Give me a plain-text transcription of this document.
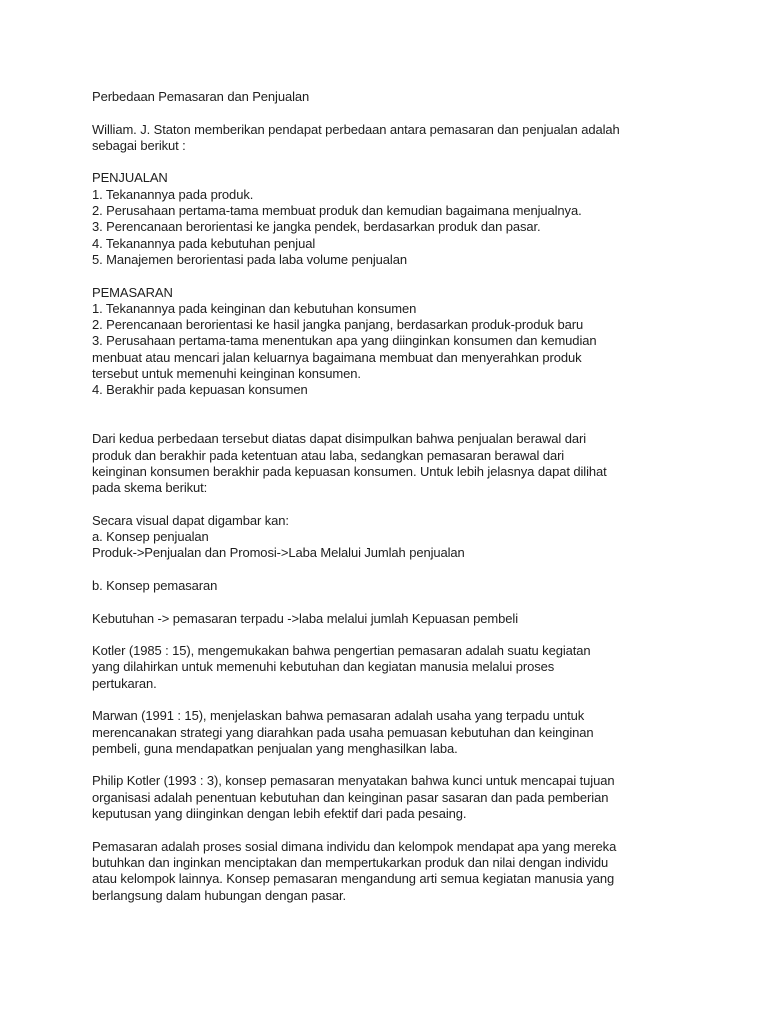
Perbedaan Pemasaran dan Penjualan
William. J. Staton memberikan pendapat perbedaan antara pemasaran dan penjualan adalah
sebagai berikut :
PENJUALAN
1. Tekanannya pada produk.
2. Perusahaan pertama-tama membuat produk dan kemudian bagaimana menjualnya.
3. Perencanaan berorientasi ke jangka pendek, berdasarkan produk dan pasar.
4. Tekanannya pada kebutuhan penjual
5. Manajemen berorientasi pada laba volume penjualan
PEMASARAN
1. Tekanannya pada keinginan dan kebutuhan konsumen
2. Perencanaan berorientasi ke hasil jangka panjang, berdasarkan produk-produk baru
3. Perusahaan pertama-tama menentukan apa yang diinginkan konsumen dan kemudian
menbuat atau mencari jalan keluarnya bagaimana membuat dan menyerahkan produk
tersebut untuk memenuhi keinginan konsumen.
4. Berakhir pada kepuasan konsumen
Dari kedua perbedaan tersebut diatas dapat disimpulkan bahwa penjualan berawal dari
produk dan berakhir pada ketentuan atau laba, sedangkan pemasaran berawal dari
keinginan konsumen berakhir pada kepuasan konsumen. Untuk lebih jelasnya dapat dilihat
pada skema berikut:
Secara visual dapat digambar kan:
a. Konsep penjualan
Produk->Penjualan dan Promosi->Laba Melalui Jumlah penjualan
b. Konsep pemasaran
Kebutuhan -> pemasaran terpadu ->laba melalui jumlah Kepuasan pembeli
Kotler (1985 : 15), mengemukakan bahwa pengertian pemasaran adalah suatu kegiatan
yang dilahirkan untuk memenuhi kebutuhan dan kegiatan manusia melalui proses
pertukaran.
Marwan (1991 : 15), menjelaskan bahwa pemasaran adalah usaha yang terpadu untuk
merencanakan strategi yang diarahkan pada usaha pemuasan kebutuhan dan keinginan
pembeli, guna mendapatkan penjualan yang menghasilkan laba.
Philip Kotler (1993 : 3), konsep pemasaran menyatakan bahwa kunci untuk mencapai tujuan
organisasi adalah penentuan kebutuhan dan keinginan pasar sasaran dan pada pemberian
keputusan yang diinginkan dengan lebih efektif dari pada pesaing.
Pemasaran adalah proses sosial dimana individu dan kelompok mendapat apa yang mereka
butuhkan dan inginkan menciptakan dan mempertukarkan produk dan nilai dengan individu
atau kelompok lainnya. Konsep pemasaran mengandung arti semua kegiatan manusia yang
berlangsung dalam hubungan dengan pasar.
